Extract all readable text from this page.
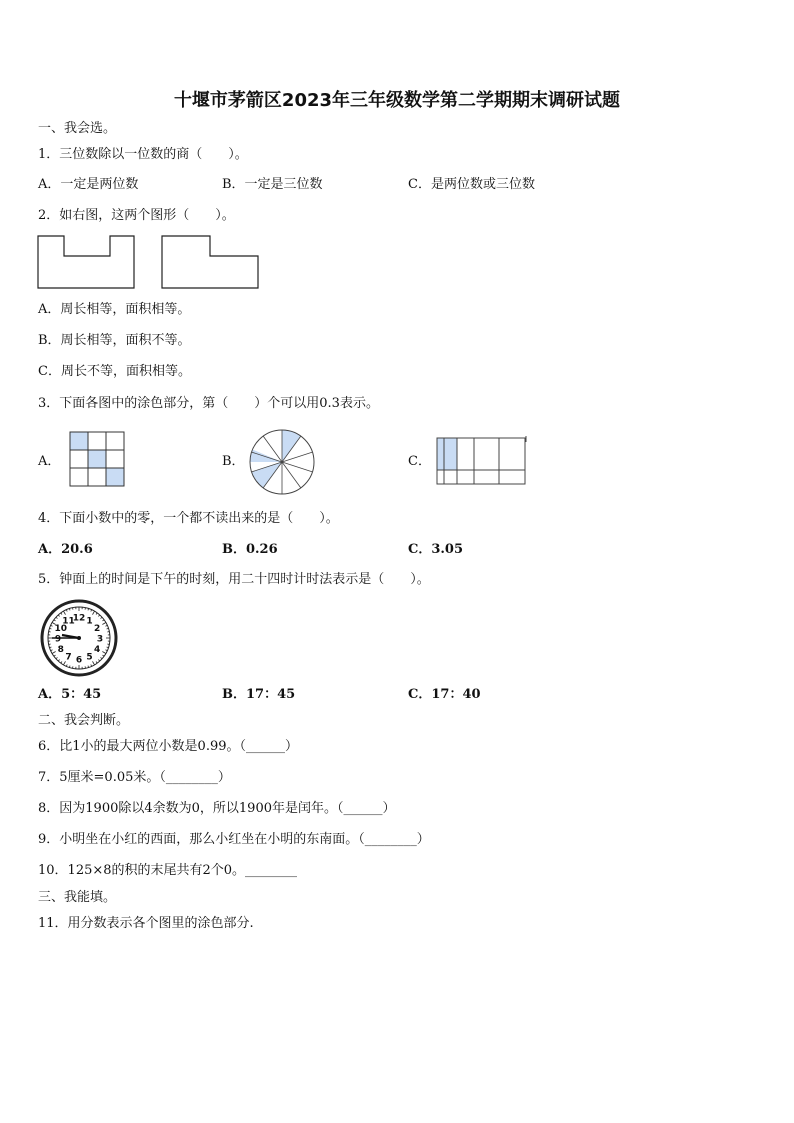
十堰市茅箭区2023年三年级数学第二学期期末调研试题
一、我会选。
1．三位数除以一位数的商（　　）。
A．一定是两位数	B．一定是三位数	C．是两位数或三位数
2．如右图，这两个图形（　　）。
A．周长相等，面积相等。
B．周长相等，面积不等。
C．周长不等，面积相等。
3．下面各图中的涂色部分，第（　　）个可以用0.3表示。
A．	B．	C．
4．下面小数中的零，一个都不读出来的是（　　）。
A．20.6	B．0.26	C．3.05
5．钟面上的时间是下午的时刻，用二十四时计时法表示是（　　）。
12 1
2
3
4
5
6
7
8
9
10
11
A．5：45	B．17：45	C．17：40
二、我会判断。
6．比1小的最大两位小数是0.99。（______）
7．5厘米=0.05米。（________）
8．因为1900除以4余数为0，所以1900年是闰年。（______）
9．小明坐在小红的西面，那么小红坐在小明的东南面。（________）
10．125×8的积的末尾共有2个0。________
三、我能填。
11．用分数表示各个图里的涂色部分.
